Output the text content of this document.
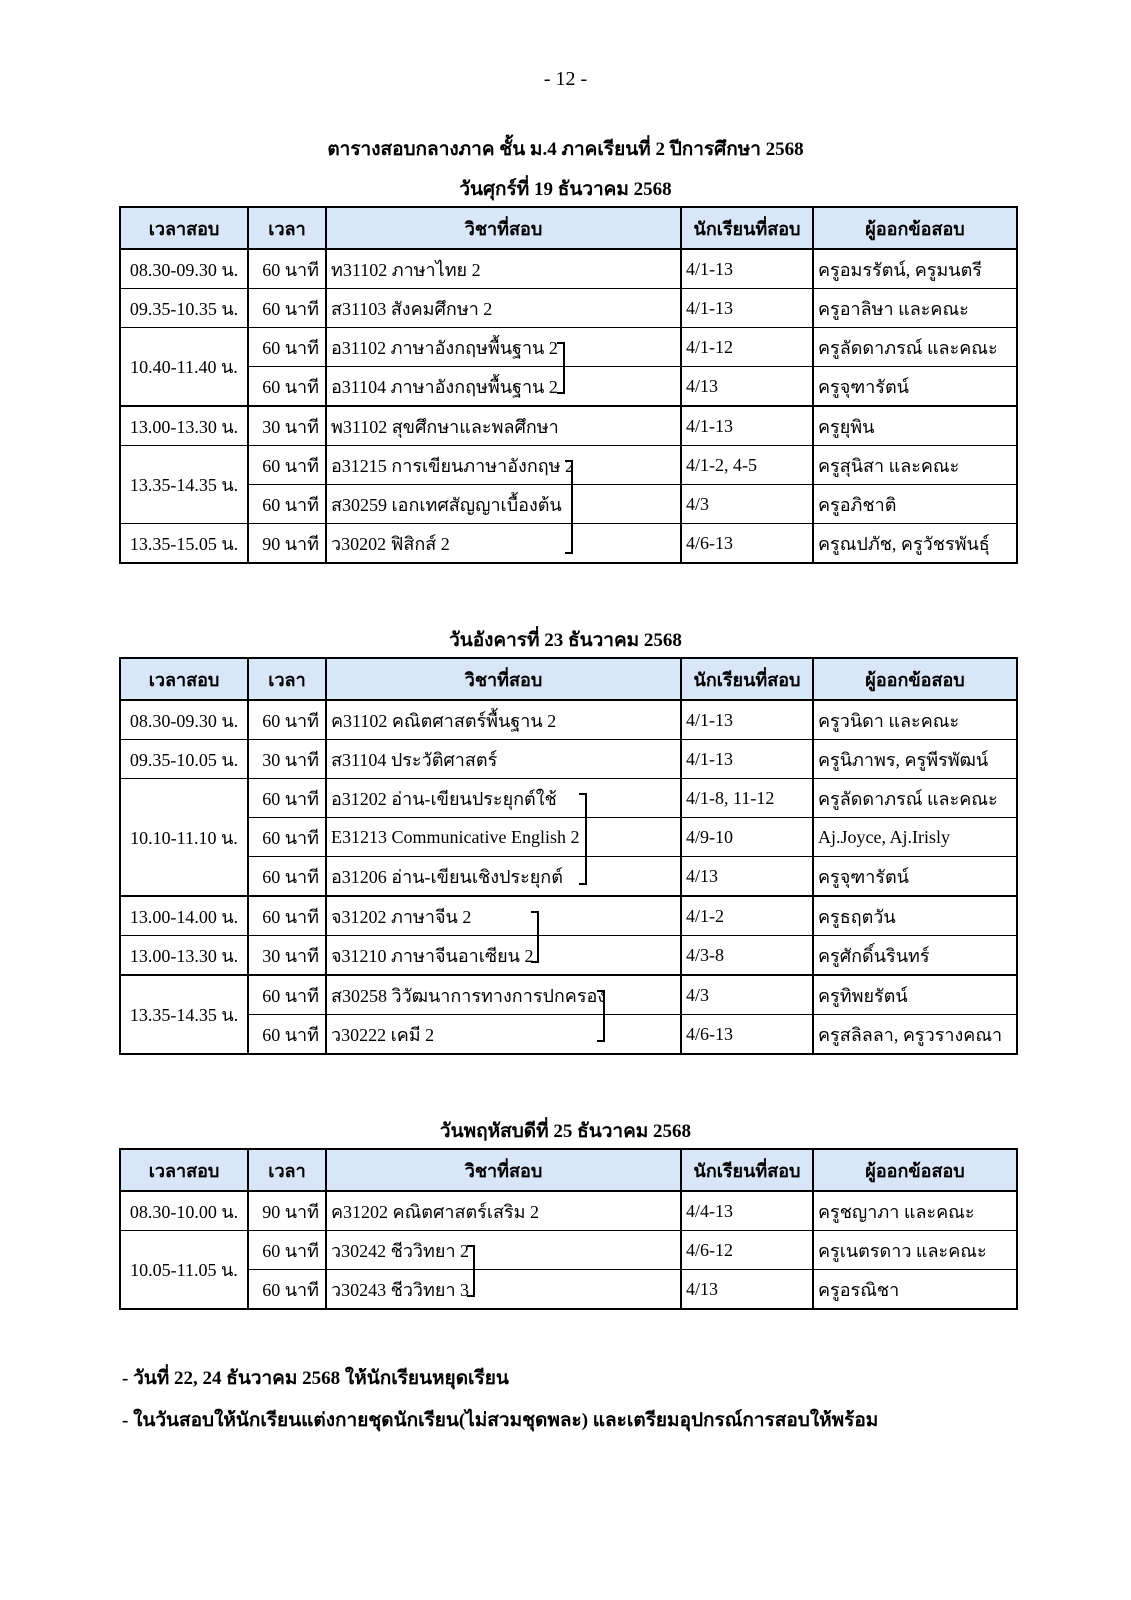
- 12 -
ตารางสอบกลางภาค ชั้น ม.4 ภาคเรียนที่ 2 ปีการศึกษา 2568
วันศุกร์ที่ 19 ธันวาคม 2568
เวลาสอบ	เวลา	วิชาที่สอบ	นักเรียนที่สอบ	ผู้ออกข้อสอบ
08.30-09.30 น.	60 นาที	ท31102 ภาษาไทย 2	4/1-13	ครูอมรรัตน์, ครูมนตรี
09.35-10.35 น.	60 นาที	ส31103 สังคมศึกษา 2	4/1-13	ครูอาลิษา และคณะ
10.40-11.40 น.	60 นาที	อ31102 ภาษาอังกฤษพื้นฐาน 2	4/1-12	ครูลัดดาภรณ์ และคณะ
	60 นาที	อ31104 ภาษาอังกฤษพื้นฐาน 2	4/13	ครูจุฑารัตน์
13.00-13.30 น.	30 นาที	พ31102 สุขศึกษาและพลศึกษา	4/1-13	ครูยุพิน
13.35-14.35 น.	60 นาที	อ31215 การเขียนภาษาอังกฤษ 2	4/1-2, 4-5	ครูสุนิสา และคณะ
	60 นาที	ส30259 เอกเทศสัญญาเบื้องต้น	4/3	ครูอภิชาติ
13.35-15.05 น.	90 นาที	ว30202 ฟิสิกส์ 2	4/6-13	ครูณปภัช, ครูวัชรพันธุ์
วันอังคารที่ 23 ธันวาคม 2568
เวลาสอบ	เวลา	วิชาที่สอบ	นักเรียนที่สอบ	ผู้ออกข้อสอบ
08.30-09.30 น.	60 นาที	ค31102 คณิตศาสตร์พื้นฐาน 2	4/1-13	ครูวนิดา และคณะ
09.35-10.05 น.	30 นาที	ส31104 ประวัติศาสตร์	4/1-13	ครูนิภาพร, ครูพีรพัฒน์
10.10-11.10 น.	60 นาที	อ31202 อ่าน-เขียนประยุกต์ใช้	4/1-8, 11-12	ครูลัดดาภรณ์ และคณะ
	60 นาที	E31213 Communicative English 2	4/9-10	Aj.Joyce, Aj.Irisly
	60 นาที	อ31206 อ่าน-เขียนเชิงประยุกต์	4/13	ครูจุฑารัตน์
13.00-14.00 น.	60 นาที	จ31202 ภาษาจีน 2	4/1-2	ครูธฤตวัน
13.00-13.30 น.	30 นาที	จ31210 ภาษาจีนอาเซียน 2	4/3-8	ครูศักดิ์นรินทร์
13.35-14.35 น.	60 นาที	ส30258 วิวัฒนาการทางการปกครอง	4/3	ครูทิพยรัตน์
	60 นาที	ว30222 เคมี 2	4/6-13	ครูสลิลลา, ครูวรางคณา
วันพฤหัสบดีที่ 25 ธันวาคม 2568
เวลาสอบ	เวลา	วิชาที่สอบ	นักเรียนที่สอบ	ผู้ออกข้อสอบ
08.30-10.00 น.	90 นาที	ค31202 คณิตศาสตร์เสริม 2	4/4-13	ครูชญาภา และคณะ
10.05-11.05 น.	60 นาที	ว30242 ชีววิทยา 2	4/6-12	ครูเนตรดาว และคณะ
	60 นาที	ว30243 ชีววิทยา 3	4/13	ครูอรณิชา
- วันที่ 22, 24 ธันวาคม 2568 ให้นักเรียนหยุดเรียน
- ในวันสอบให้นักเรียนแต่งกายชุดนักเรียน(ไม่สวมชุดพละ) และเตรียมอุปกรณ์การสอบให้พร้อม
